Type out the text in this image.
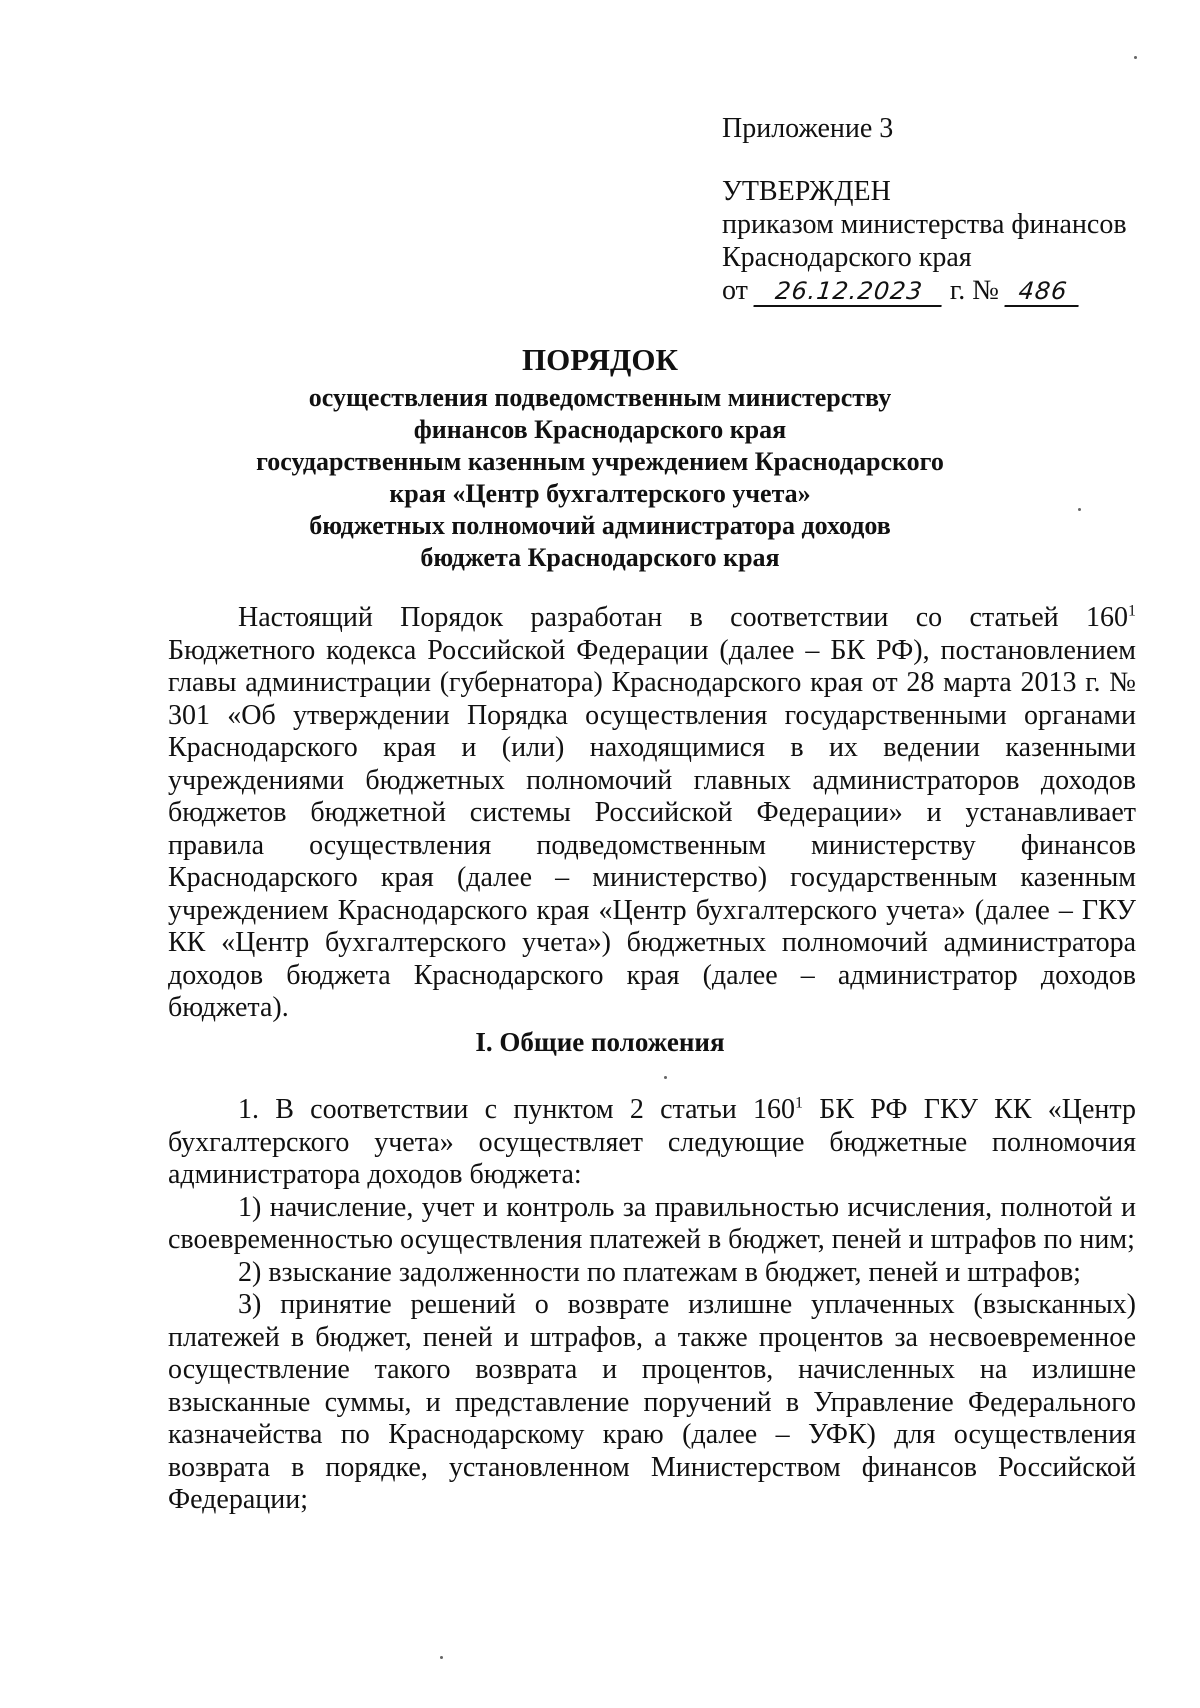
Приложение 3
УТВЕРЖДЕН
приказом министерства финансов
Краснодарского края
от 26.12.2023 г. № 486
ПОРЯДОК
осуществления подведомственным министерству
финансов Краснодарского края
государственным казенным учреждением Краснодарского
края «Центр бухгалтерского учета»
бюджетных полномочий администратора доходов
бюджета Краснодарского края

Настоящий Порядок разработан в соответствии со статьей $160^1$ Бюджетного кодекса Российской Федерации (далее – БК РФ), постановлением главы администрации (губернатора) Краснодарского края от 28 марта 2013 г. № 301 «Об утверждении Порядка осуществления государственными органами Краснодарского края и (или) находящимися в их ведении казенными учреждениями бюджетных полномочий главных администраторов доходов бюджетов бюджетной системы Российской Федерации» и устанавливает правила осуществления подведомственным министерству финансов Краснодарского края (далее – министерство) государственным казенным учреждением Краснодарского края «Центр бухгалтерского учета» (далее – ГКУ КК «Центр бухгалтерского учета») бюджетных полномочий администратора доходов бюджета Краснодарского края (далее – администратор доходов бюджета).

I. Общие положения

1. В соответствии с пунктом 2 статьи $160^1$ БК РФ ГКУ КК «Центр бухгалтерского учета» осуществляет следующие бюджетные полномочия администратора доходов бюджета:

1) начисление, учет и контроль за правильностью исчисления, полнотой и своевременностью осуществления платежей в бюджет, пеней и штрафов по ним;

2) взыскание задолженности по платежам в бюджет, пеней и штрафов;

3) принятие решений о возврате излишне уплаченных (взысканных) платежей в бюджет, пеней и штрафов, а также процентов за несвоевременное осуществление такого возврата и процентов, начисленных на излишне взысканные суммы, и представление поручений в Управление Федерального казначейства по Краснодарскому краю (далее – УФК) для осуществления возврата в порядке, установленном Министерством финансов Российской Федерации;
